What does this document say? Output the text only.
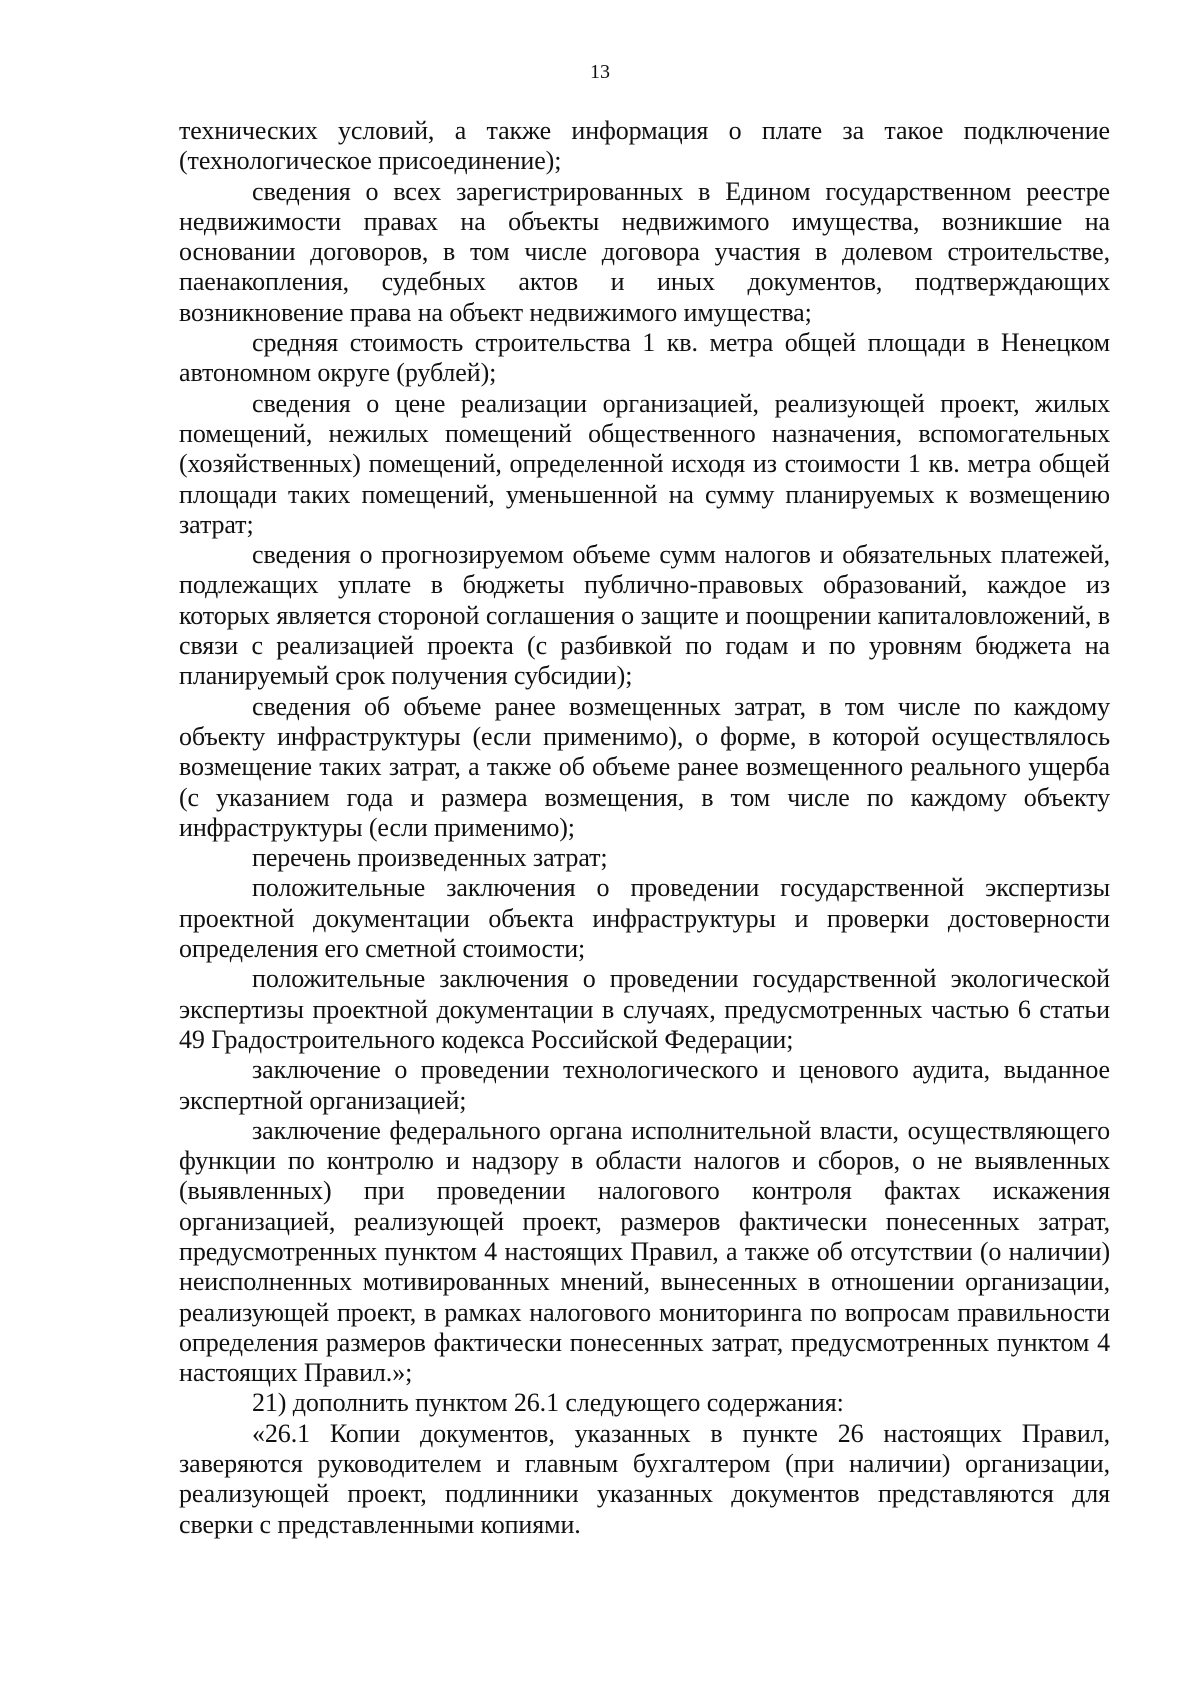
13

технических условий, а также информация о плате за такое подключение (технологическое присоединение);

сведения о всех зарегистрированных в Едином государственном реестре недвижимости правах на объекты недвижимого имущества, возникшие на основании договоров, в том числе договора участия в долевом строительстве, паенакопления, судебных актов и иных документов, подтверждающих возникновение права на объект недвижимого имущества;

средняя стоимость строительства 1 кв. метра общей площади в Ненецком автономном округе (рублей);

сведения о цене реализации организацией, реализующей проект, жилых помещений, нежилых помещений общественного назначения, вспомогательных (хозяйственных) помещений, определенной исходя из стоимости 1 кв. метра общей площади таких помещений, уменьшенной на сумму планируемых к возмещению затрат;

сведения о прогнозируемом объеме сумм налогов и обязательных платежей, подлежащих уплате в бюджеты публично-правовых образований, каждое из которых является стороной соглашения о защите и поощрении капиталовложений, в связи с реализацией проекта (с разбивкой по годам и по уровням бюджета на планируемый срок получения субсидии);

сведения об объеме ранее возмещенных затрат, в том числе по каждому объекту инфраструктуры (если применимо), о форме, в которой осуществлялось возмещение таких затрат, а также об объеме ранее возмещенного реального ущерба (с указанием года и размера возмещения, в том числе по каждому объекту инфраструктуры (если применимо);

перечень произведенных затрат;

положительные заключения о проведении государственной экспертизы проектной документации объекта инфраструктуры и проверки достоверности определения его сметной стоимости;

положительные заключения о проведении государственной экологической экспертизы проектной документации в случаях, предусмотренных частью 6 статьи 49 Градостроительного кодекса Российской Федерации;

заключение о проведении технологического и ценового аудита, выданное экспертной организацией;

заключение федерального органа исполнительной власти, осуществляющего функции по контролю и надзору в области налогов и сборов, о не выявленных (выявленных) при проведении налогового контроля фактах искажения организацией, реализующей проект, размеров фактически понесенных затрат, предусмотренных пунктом 4 настоящих Правил, а также об отсутствии (о наличии) неисполненных мотивированных мнений, вынесенных в отношении организации, реализующей проект, в рамках налогового мониторинга по вопросам правильности определения размеров фактически понесенных затрат, предусмотренных пунктом 4 настоящих Правил.»;

21) дополнить пунктом 26.1 следующего содержания:

«26.1 Копии документов, указанных в пункте 26 настоящих Правил, заверяются руководителем и главным бухгалтером (при наличии) организации, реализующей проект, подлинники указанных документов представляются для сверки с представленными копиями.
